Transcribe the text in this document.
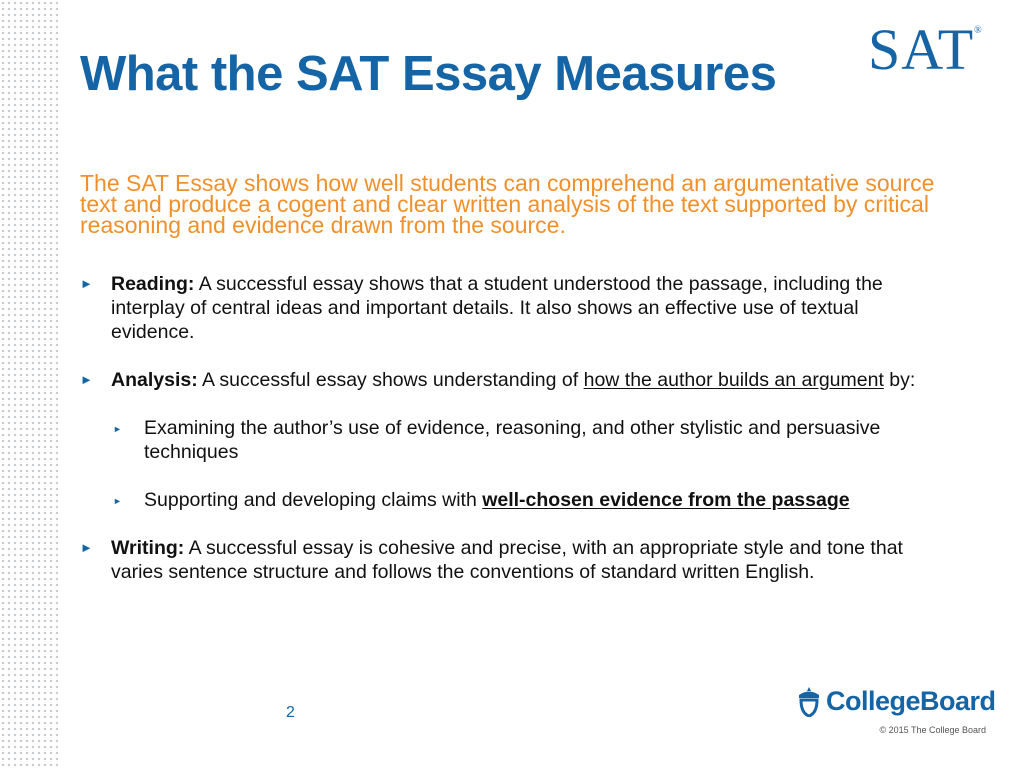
What the SAT Essay Measures SAT®

The SAT Essay shows how well students can comprehend an argumentative source text and produce a cogent and clear written analysis of the text supported by critical reasoning and evidence drawn from the source.

► Reading: A successful essay shows that a student understood the passage, including the interplay of central ideas and important details. It also shows an effective use of textual evidence.
► Analysis: A successful essay shows understanding of how the author builds an argument by:
► Examining the author’s use of evidence, reasoning, and other stylistic and persuasive techniques
► Supporting and developing claims with well-chosen evidence from the passage
► Writing: A successful essay is cohesive and precise, with an appropriate style and tone that varies sentence structure and follows the conventions of standard written English.
2	CollegeBoard
© 2015 The College Board
